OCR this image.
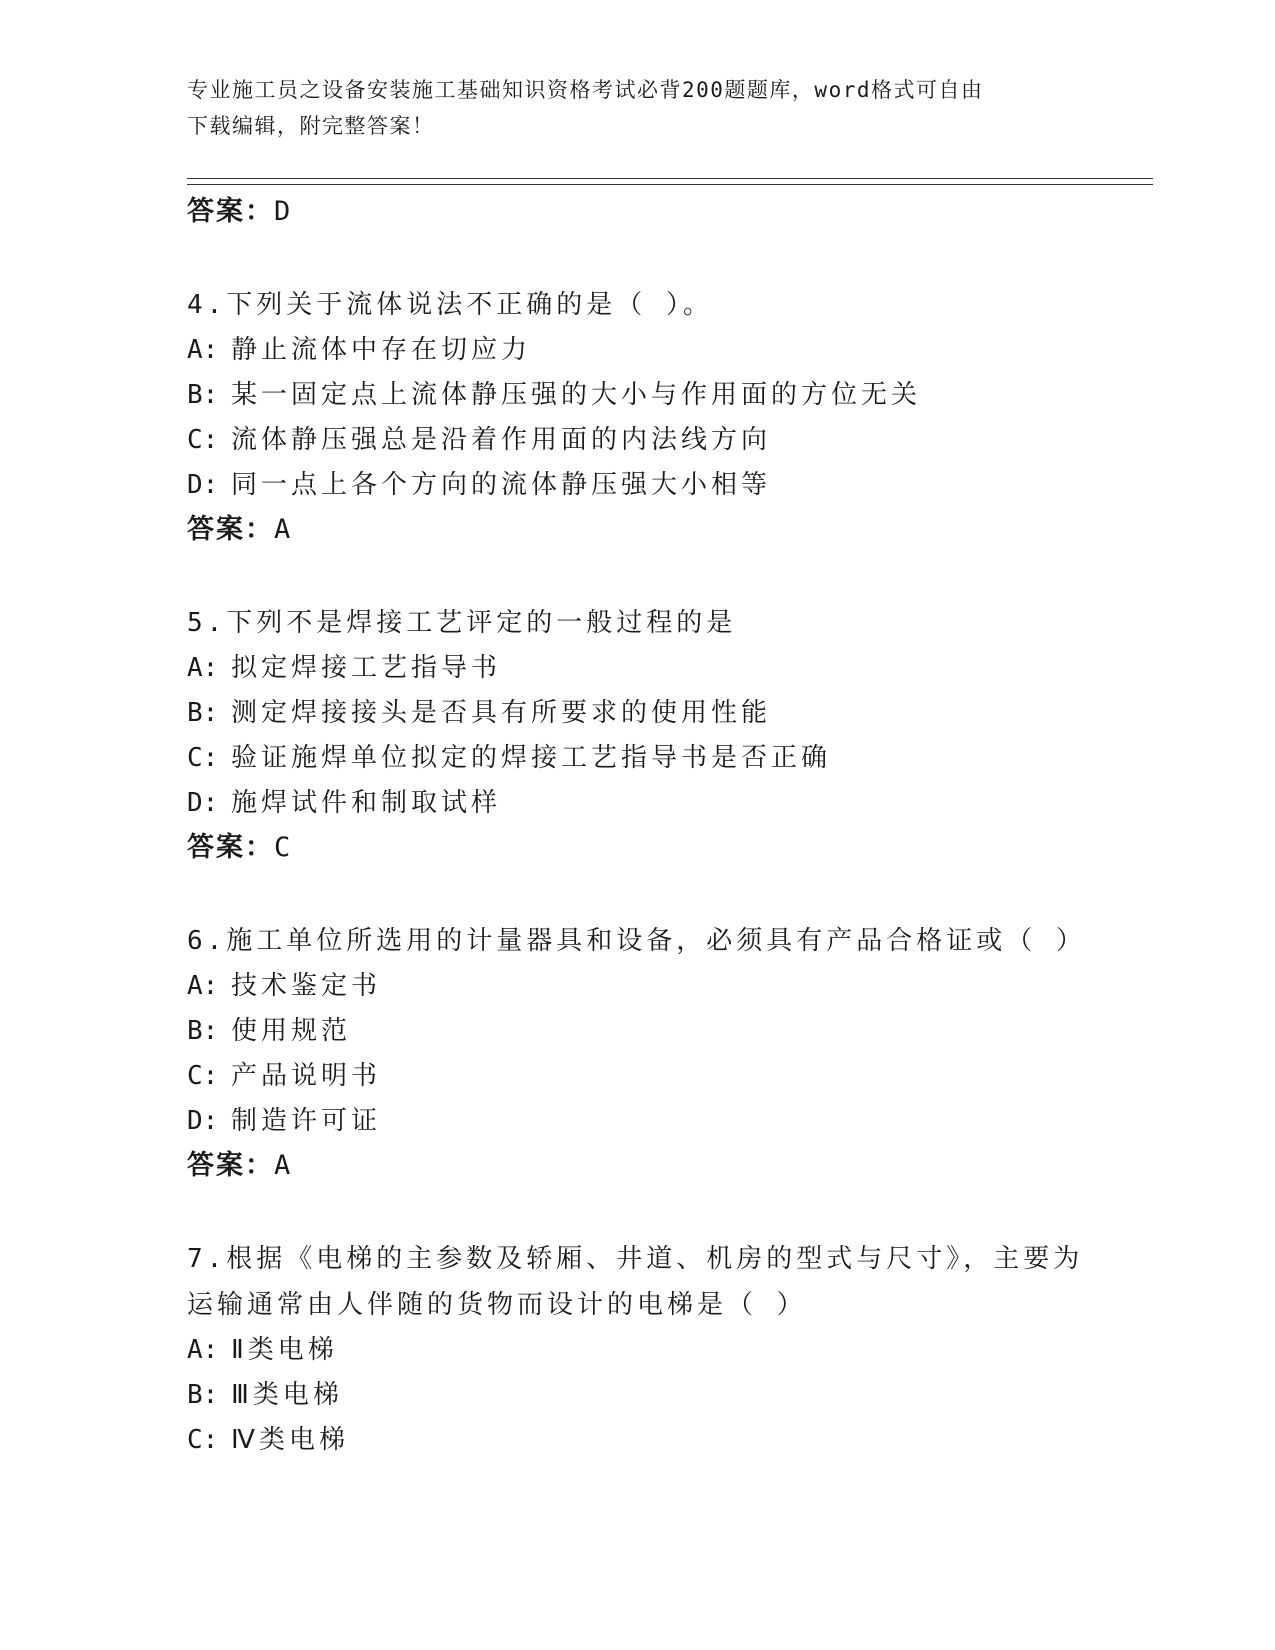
专业施工员之设备安装施工基础知识资格考试必背200题题库，word格式可自由
下载编辑，附完整答案！
答案：D
4.下列关于流体说法不正确的是（ ）。
A: 静止流体中存在切应力
B: 某一固定点上流体静压强的大小与作用面的方位无关
C: 流体静压强总是沿着作用面的内法线方向
D: 同一点上各个方向的流体静压强大小相等
答案：A
5.下列不是焊接工艺评定的一般过程的是
A: 拟定焊接工艺指导书
B: 测定焊接接头是否具有所要求的使用性能
C: 验证施焊单位拟定的焊接工艺指导书是否正确
D: 施焊试件和制取试样
答案：C
6.施工单位所选用的计量器具和设备，必须具有产品合格证或（ ）
A: 技术鉴定书
B: 使用规范
C: 产品说明书
D: 制造许可证
答案：A
7.根据《电梯的主参数及轿厢、井道、机房的型式与尺寸》，主要为
运输通常由人伴随的货物而设计的电梯是（ ）
A: Ⅱ类电梯
B: Ⅲ类电梯
C: Ⅳ类电梯
